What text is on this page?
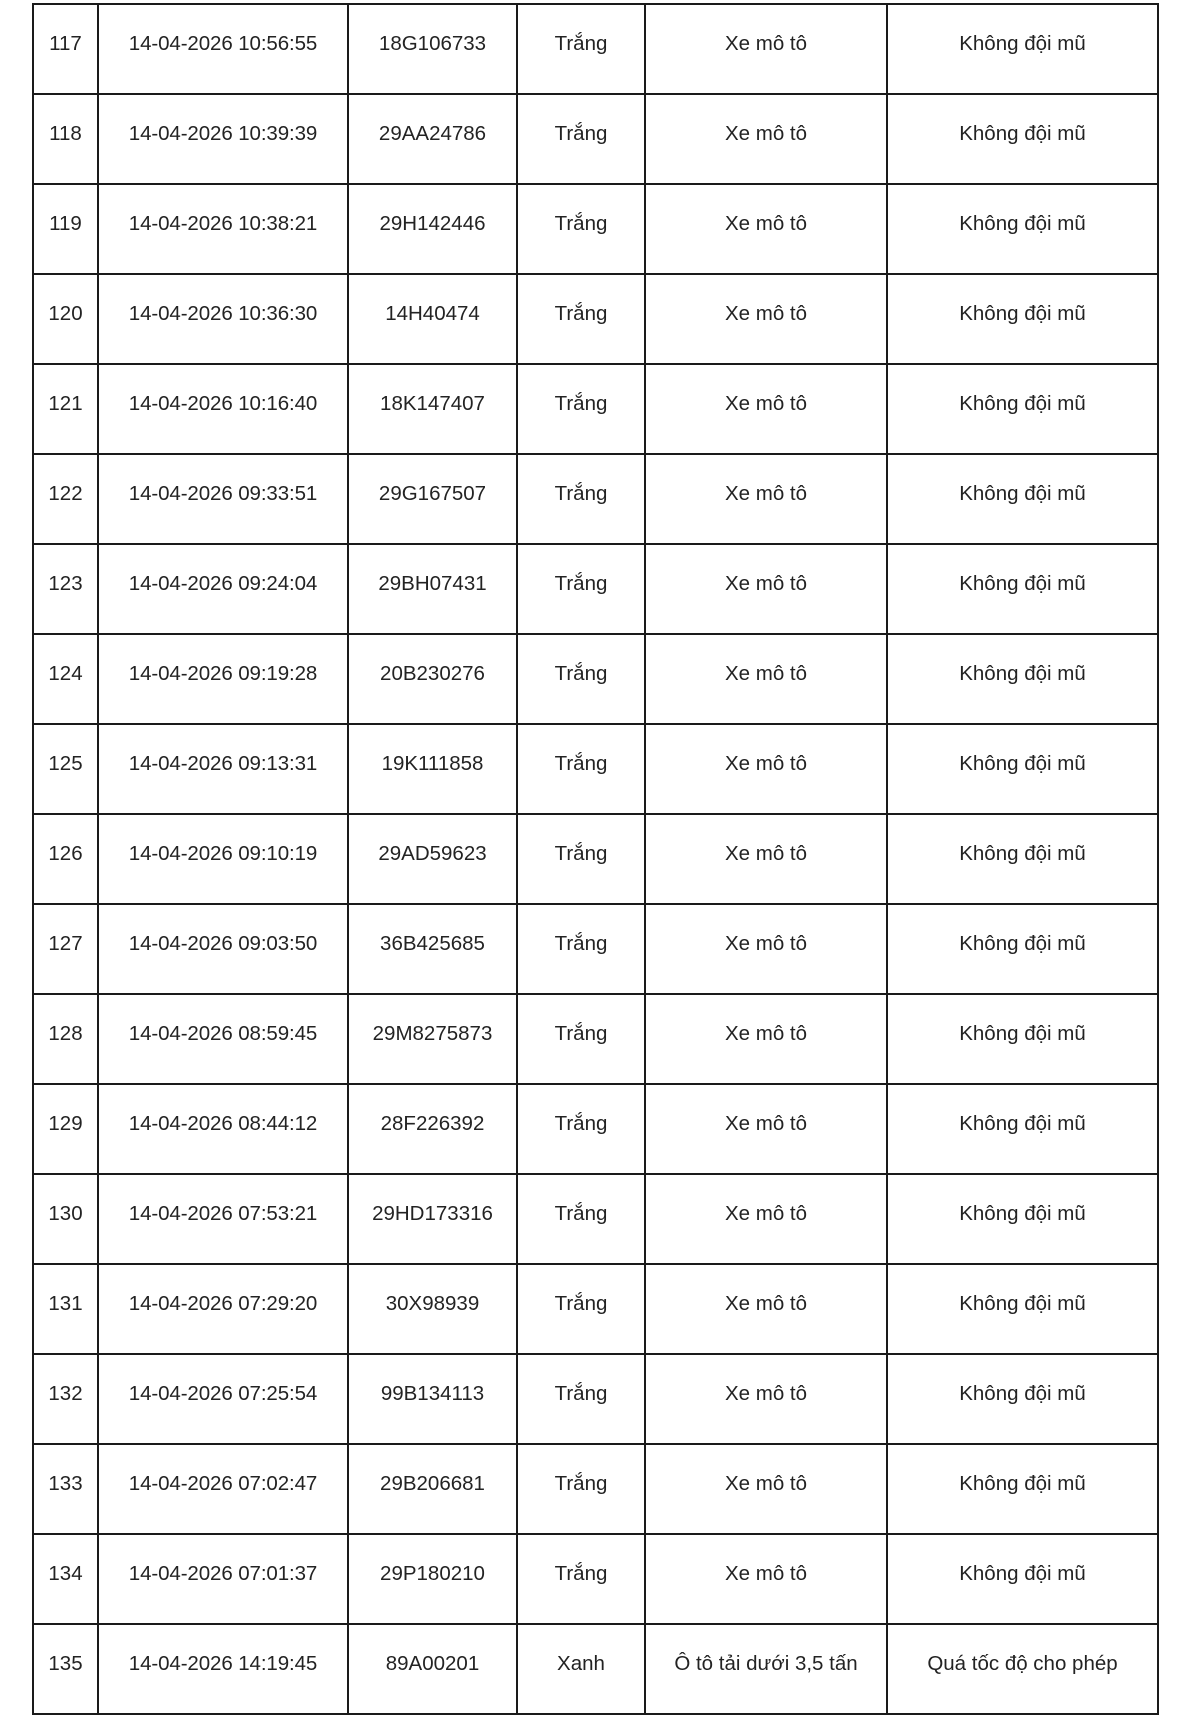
117	14-04-2026 10:56:55	18G106733	Trắng	Xe mô tô	Không đội mũ
118	14-04-2026 10:39:39	29AA24786	Trắng	Xe mô tô	Không đội mũ
119	14-04-2026 10:38:21	29H142446	Trắng	Xe mô tô	Không đội mũ
120	14-04-2026 10:36:30	14H40474	Trắng	Xe mô tô	Không đội mũ
121	14-04-2026 10:16:40	18K147407	Trắng	Xe mô tô	Không đội mũ
122	14-04-2026 09:33:51	29G167507	Trắng	Xe mô tô	Không đội mũ
123	14-04-2026 09:24:04	29BH07431	Trắng	Xe mô tô	Không đội mũ
124	14-04-2026 09:19:28	20B230276	Trắng	Xe mô tô	Không đội mũ
125	14-04-2026 09:13:31	19K111858	Trắng	Xe mô tô	Không đội mũ
126	14-04-2026 09:10:19	29AD59623	Trắng	Xe mô tô	Không đội mũ
127	14-04-2026 09:03:50	36B425685	Trắng	Xe mô tô	Không đội mũ
128	14-04-2026 08:59:45	29M8275873	Trắng	Xe mô tô	Không đội mũ
129	14-04-2026 08:44:12	28F226392	Trắng	Xe mô tô	Không đội mũ
130	14-04-2026 07:53:21	29HD173316	Trắng	Xe mô tô	Không đội mũ
131	14-04-2026 07:29:20	30X98939	Trắng	Xe mô tô	Không đội mũ
132	14-04-2026 07:25:54	99B134113	Trắng	Xe mô tô	Không đội mũ
133	14-04-2026 07:02:47	29B206681	Trắng	Xe mô tô	Không đội mũ
134	14-04-2026 07:01:37	29P180210	Trắng	Xe mô tô	Không đội mũ
135	14-04-2026 14:19:45	89A00201	Xanh	Ô tô tải dưới 3,5 tấn	Quá tốc độ cho phép
